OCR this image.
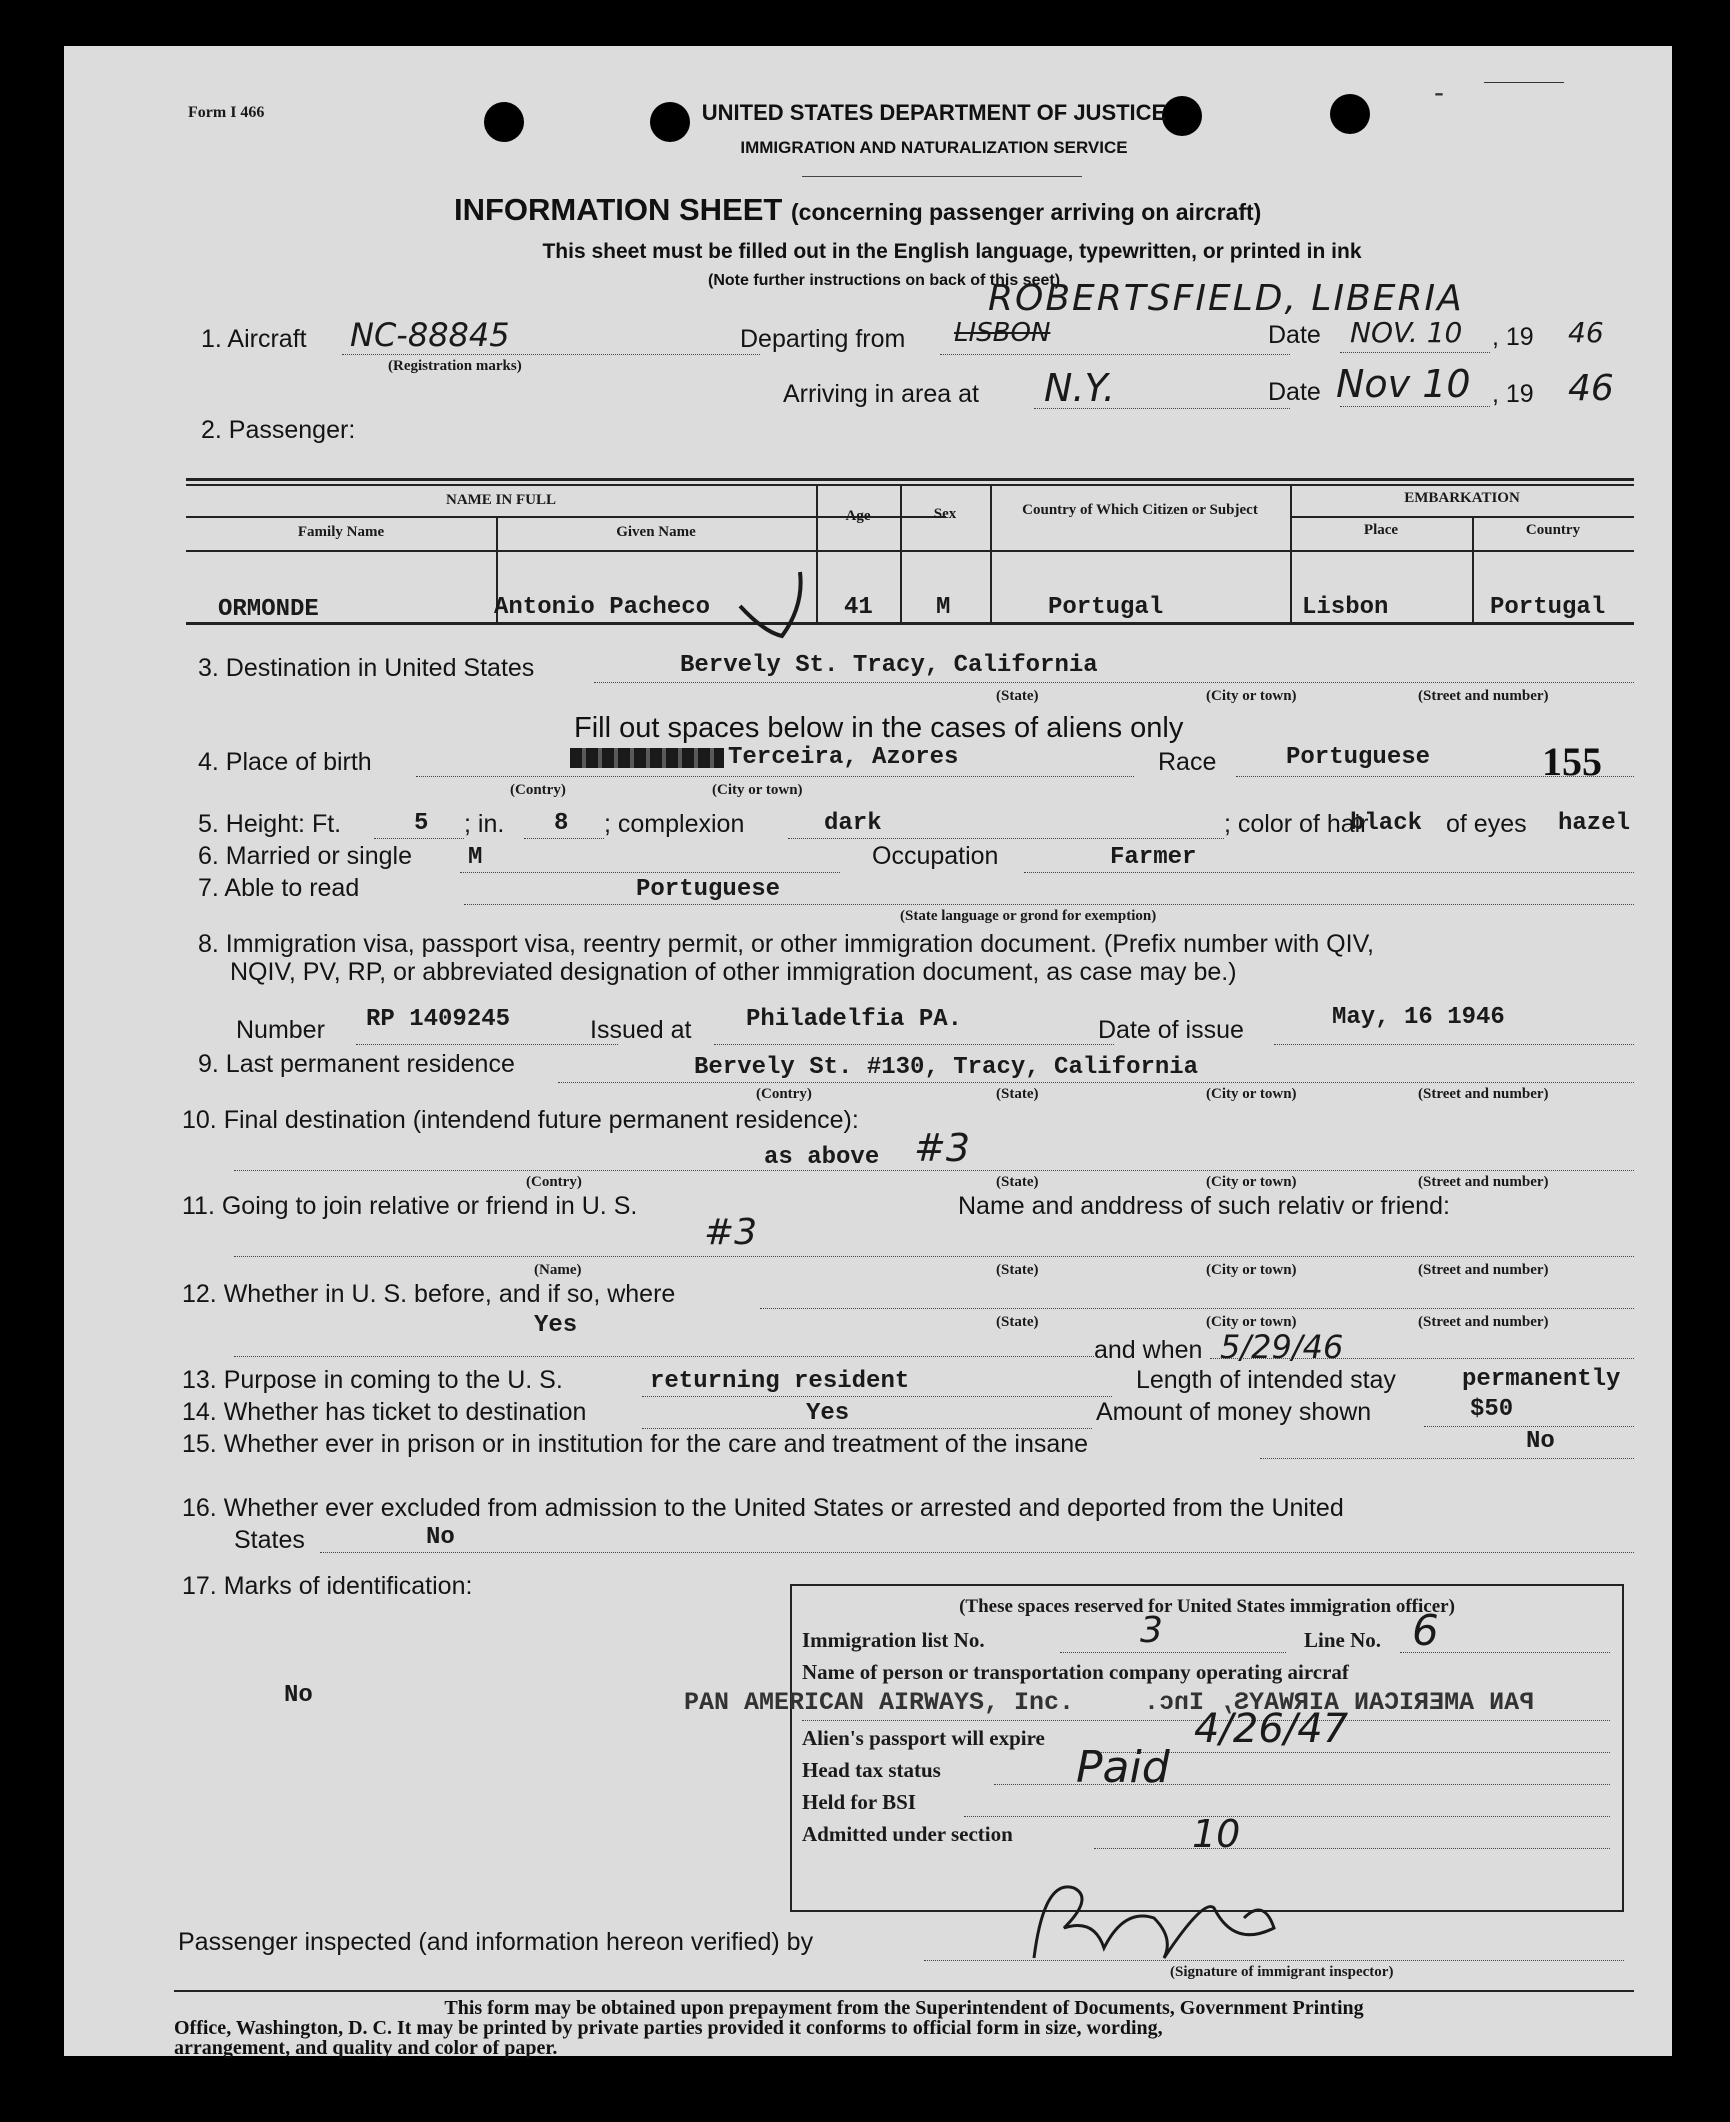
-
Form I 466	UNITED STATES DEPARTMENT OF JUSTICE
IMMIGRATION AND NATURALIZATION SERVICE
INFORMATION SHEET (concerning passenger arriving on aircraft)
This sheet must be filled out in the English language, typewritten, or printed in ink
(Note further instructions on back of this seet)
1. Aircraft NC-88845
(Registration marks)
Departing from LISBON
ROBERTSFIELD, LIBERIA
Date NOV. 10 , 19 46
Arriving in area at N.Y.	Date Nov 10 , 19 46
2. Passenger:
NAME IN FULL	EMBARKATION
Family Name	Given Name
Age	Sex	Country of Which Citizen or Subject
Place	Country
ORMONDE	Antonio Pacheco	41	M	Portugal	Lisbon	Portugal
3. Destination in United States	Bervely St. Tracy, California
(State)	(City or town)	(Street and number)
Fill out spaces below in the cases of aliens only
4. Place of birth	Terceira, Azores
(Contry)	(City or town)
Race	Portuguese	155
5. Height: Ft.	5 ; in. 8 ; complexion	dark	; color of hair
black of eyes hazel
6. Married or single M	Occupation	Farmer
7. Able to read	Portuguese
(State language or grond for exemption)
8. Immigration visa, passport visa, reentry permit, or other immigration document. (Prefix number with QIV,
NQIV, PV, RP, or abbreviated designation of other immigration document, as case may be.)
Number RP 1409245	Issued at Philadelfia PA.	Date of issue	May, 16 1946
9. Last permanent residence	Bervely St. #130, Tracy, California
(Contry)	(State)	(City or town)	(Street and number)
10. Final destination (intendend future permanent residence):
as above #3
(Contry)	(State)	(City or town)	(Street and number)
11. Going to join relative or friend in U. S.
#3
Name and anddress of such relativ or friend:
(Name)	(State)	(City or town)	(Street and number)
12. Whether in U. S. before, and if so, where
Yes	(State)	(City or town)	(Street and number)
and when 5/29/46
13. Purpose in coming to the U. S.	returning resident	Length of intended stay	permanently
14. Whether has ticket to destination	Yes	Amount of money shown	$50
15. Whether ever in prison or in institution for the care and treatment of the insane	No
16. Whether ever excluded from admission to the United States or arrested and deported from the United
States	No
17. Marks of identification:
No
(These spaces reserved for United States immigration officer)
Immigration list No.	3	Line No. 6
Name of person or transportation company operating aircraf
PAN AMERICAN AIRWAYS, Inc.	PAN AMERICAN AIRWAYS, Inc.
Alien's passport will expire	4/26/47
Head tax status	Paid
Held for BSI
Admitted under section	10
Passenger inspected (and information hereon verified) by
(Signature of immigrant inspector)
This form may be obtained upon prepayment from the Superintendent of Documents, Government Printing
Office, Washington, D. C. It may be printed by private parties provided it conforms to official form in size, wording,
arrangement, and quality and color of paper.
